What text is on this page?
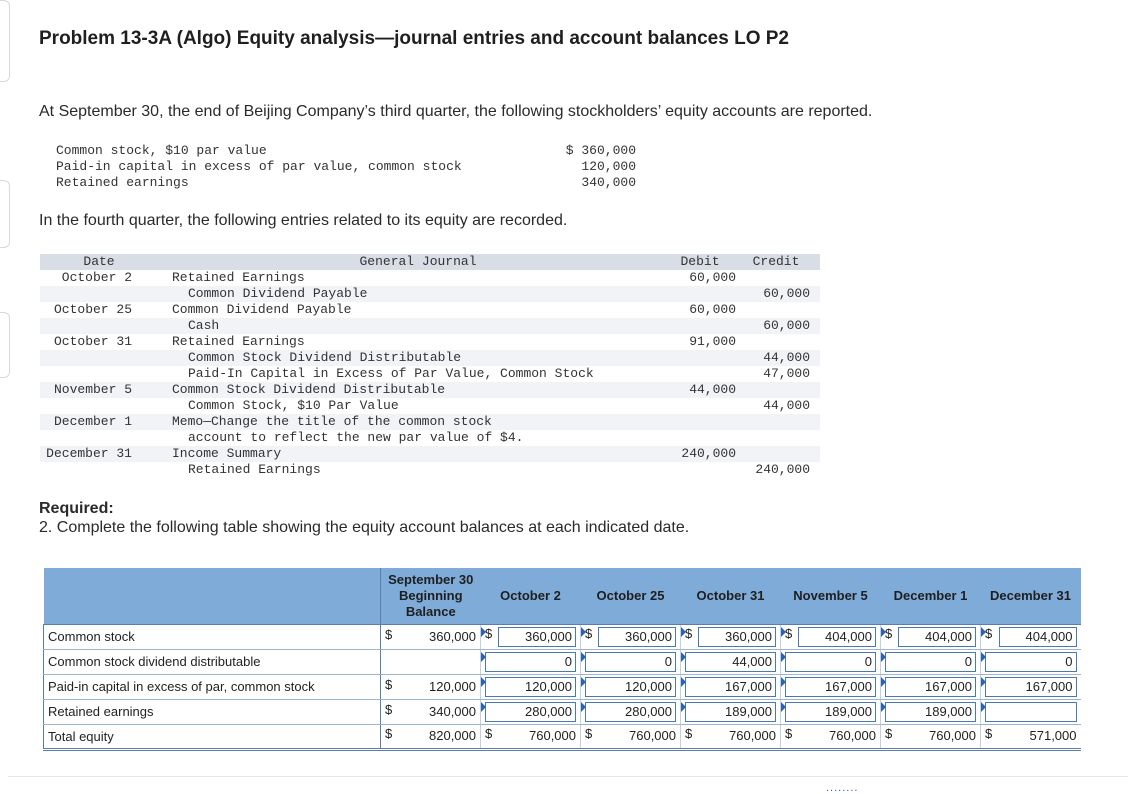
Problem 13-3A (Algo) Equity analysis—journal entries and account balances LO P2
At September 30, the end of Beijing Company’s third quarter, the following stockholders’ equity accounts are reported.
Common stock, $10 par value	$ 360,000
Paid-in capital in excess of par value, common stock	120,000
Retained earnings	340,000
In the fourth quarter, the following entries related to its equity are recorded.
Date	General Journal	Debit	Credit
October 2	Retained Earnings	60,000	
	Common Dividend Payable		60,000
October 25	Common Dividend Payable	60,000	
	Cash		60,000
October 31	Retained Earnings	91,000	
	Common Stock Dividend Distributable		44,000
	Paid-In Capital in Excess of Par Value, Common Stock		47,000
November 5	Common Stock Dividend Distributable	44,000	
	Common Stock, $10 Par Value		44,000
December 1	Memo—Change the title of the common stock		
	account to reflect the new par value of $4.		
December 31	Income Summary	240,000	
	Retained Earnings		240,000
Required:
2. Complete the following table showing the equity account balances at each indicated date.
	September 30 Beginning Balance	October 2	October 25	October 31	November 5	December 1	December 31
Common stock	$ 360,000	$ 360,000	$ 360,000	$ 360,000	$ 404,000	$ 404,000	$ 404,000

Common stock dividend distributable		0	0	44,000	0	0	0

Paid-in capital in excess of par, common stock	$ 120,000	120,000	120,000	167,000	167,000	167,000	167,000

Retained earnings	$ 340,000	280,000	280,000	189,000	189,000	189,000	

Total equity	$ 820,000	$ 760,000	$ 760,000	$ 760,000	$ 760,000	$ 760,000	$ 571,000
........
